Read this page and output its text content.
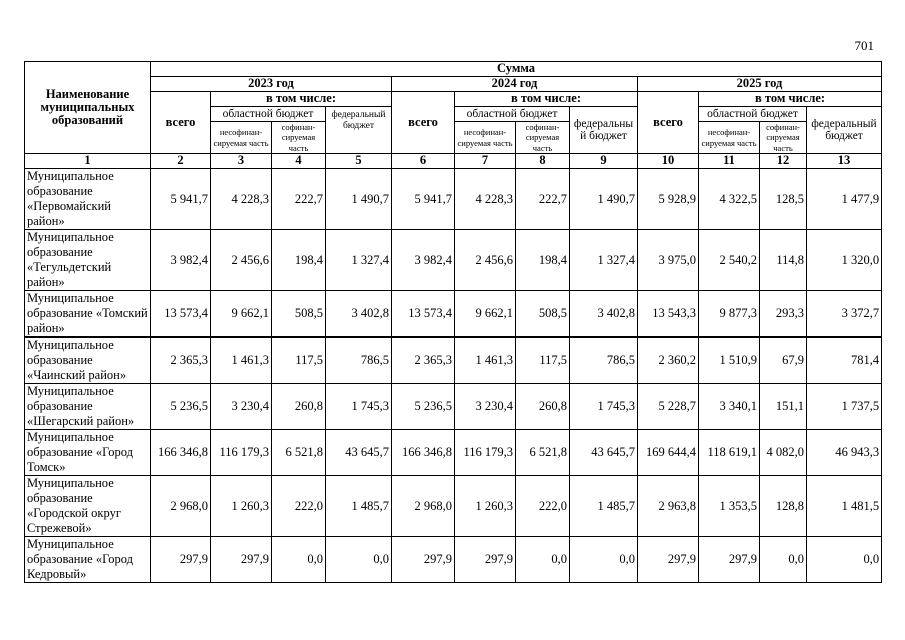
701
Наименование муниципальных образований	Сумма											
	2023 год				2024 год				2025 год			
	всего	в том числе:			всего	в том числе:			всего	в том числе:		
		областной бюджет		федеральный бюджет		областной бюджет		федеральны й бюджет		областной бюджет		федеральный бюджет
		несофинан-сируемая часть	софинан-сируемая часть			несофинан-сируемая часть	софинан-сируемая часть			несофинан-сируемая часть	софинан-сируемая часть	
1	2	3	4	5	6	7	8	9	10	11	12	13
Муниципальное образование «Первомайский район»	5 941,7	4 228,3	222,7	1 490,7	5 941,7	4 228,3	222,7	1 490,7	5 928,9	4 322,5	128,5	1 477,9
Муниципальное образование «Тегульдетский район»	3 982,4	2 456,6	198,4	1 327,4	3 982,4	2 456,6	198,4	1 327,4	3 975,0	2 540,2	114,8	1 320,0
Муниципальное образование «Томский район»	13 573,4	9 662,1	508,5	3 402,8	13 573,4	9 662,1	508,5	3 402,8	13 543,3	9 877,3	293,3	3 372,7
Муниципальное образование «Чаинский район»	2 365,3	1 461,3	117,5	786,5	2 365,3	1 461,3	117,5	786,5	2 360,2	1 510,9	67,9	781,4
Муниципальное образование «Шегарский район»	5 236,5	3 230,4	260,8	1 745,3	5 236,5	3 230,4	260,8	1 745,3	5 228,7	3 340,1	151,1	1 737,5
Муниципальное образование «Город Томск»	166 346,8	116 179,3	6 521,8	43 645,7	166 346,8	116 179,3	6 521,8	43 645,7	169 644,4	118 619,1	4 082,0	46 943,3
Муниципальное образование «Городской округ Стрежевой»	2 968,0	1 260,3	222,0	1 485,7	2 968,0	1 260,3	222,0	1 485,7	2 963,8	1 353,5	128,8	1 481,5
Муниципальное образование «Город Кедровый»	297,9	297,9	0,0	0,0	297,9	297,9	0,0	0,0	297,9	297,9	0,0	0,0
